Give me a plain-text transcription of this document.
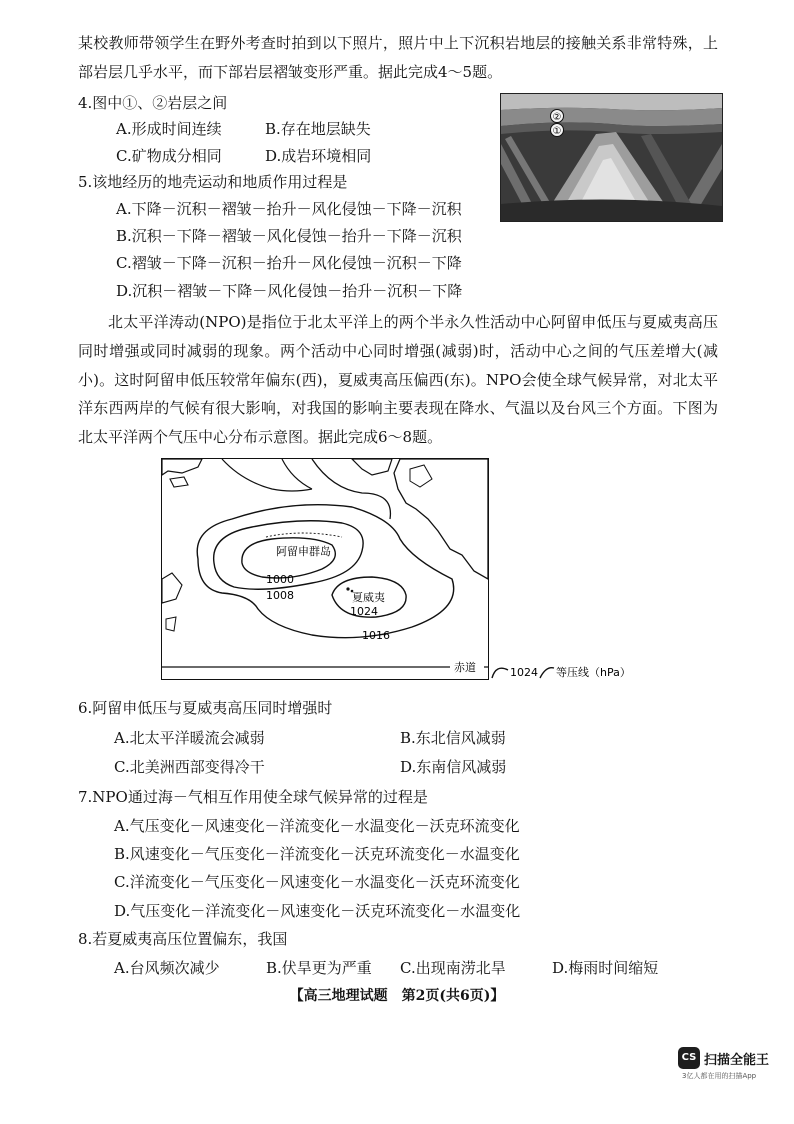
某校教师带领学生在野外考查时拍到以下照片，照片中上下沉积岩地层的接触关系非常特殊，上部岩层几乎水平，而下部岩层褶皱变形严重。据此完成4～5题。
4.图中①、②岩层之间
A.形成时间连续	B.存在地层缺失
C.矿物成分相同	D.成岩环境相同
②
①
5.该地经历的地壳运动和地质作用过程是
A.下降－沉积－褶皱－抬升－风化侵蚀－下降－沉积
B.沉积－下降－褶皱－风化侵蚀－抬升－下降－沉积
C.褶皱－下降－沉积－抬升－风化侵蚀－沉积－下降
D.沉积－褶皱－下降－风化侵蚀－抬升－沉积－下降
北太平洋涛动(NPO)是指位于北太平洋上的两个半永久性活动中心阿留申低压与夏威夷高压同时增强或同时减弱的现象。两个活动中心同时增强(减弱)时，活动中心之间的气压差增大(减小)。这时阿留申低压较常年偏东(西)，夏威夷高压偏西(东)。NPO会使全球气候异常，对北太平洋东西两岸的气候有很大影响，对我国的影响主要表现在降水、气温以及台风三个方面。下图为北太平洋两个气压中心分布示意图。据此完成6～8题。
阿留申群岛
1000
1008	夏威夷
1024
1016
赤道	1024 等压线（hPa）
6.阿留申低压与夏威夷高压同时增强时
A.北太平洋暖流会减弱	B.东北信风减弱
C.北美洲西部变得冷干	D.东南信风减弱
7.NPO通过海－气相互作用使全球气候异常的过程是
A.气压变化－风速变化－洋流变化－水温变化－沃克环流变化
B.风速变化－气压变化－洋流变化－沃克环流变化－水温变化
C.洋流变化－气压变化－风速变化－水温变化－沃克环流变化
D.气压变化－洋流变化－风速变化－沃克环流变化－水温变化
8.若夏威夷高压位置偏东，我国
A.台风频次减少	B.伏旱更为严重 C.出现南涝北旱	D.梅雨时间缩短
【高三地理试题　第2页(共6页)】
CS 扫描全能王
3亿人都在用的扫描App
